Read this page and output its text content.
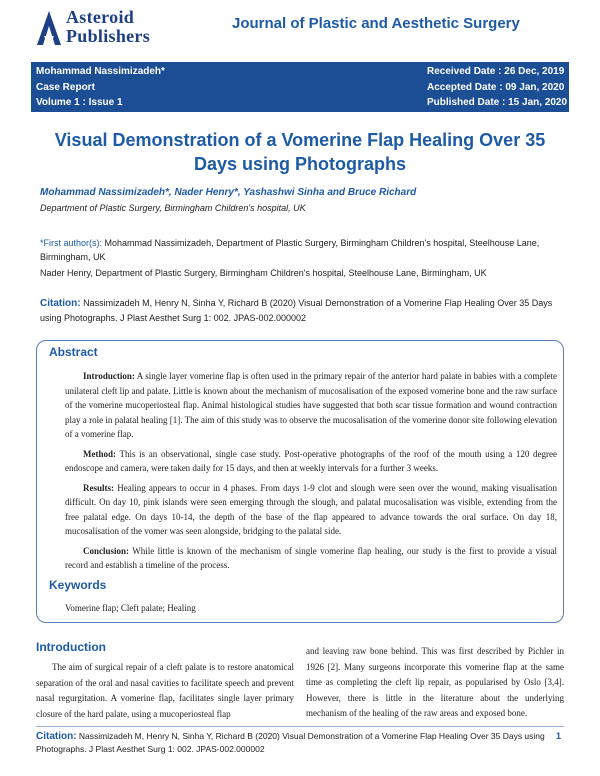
Asteroid
Publishers
Journal of Plastic and Aesthetic Surgery
Mohammad Nassimizadeh*
Case Report
Volume 1 : Issue 1
Received Date : 26 Dec, 2019
Accepted Date : 09 Jan, 2020
Published Date : 15 Jan, 2020
Visual Demonstration of a Vomerine Flap Healing Over 35 Days using Photographs
Mohammad Nassimizadeh*, Nader Henry*, Yashashwi Sinha and Bruce Richard
Department of Plastic Surgery, Birmingham Children's hospital, UK
*First author(s): Mohammad Nassimizadeh, Department of Plastic Surgery, Birmingham Children's hospital, Steelhouse Lane, Birmingham, UK
Nader Henry, Department of Plastic Surgery, Birmingham Children's hospital, Steelhouse Lane, Birmingham, UK
Citation: Nassimizadeh M, Henry N, Sinha Y, Richard B (2020) Visual Demonstration of a Vomerine Flap Healing Over 35 Days using Photographs. J Plast Aesthet Surg 1: 002. JPAS-002.000002
Abstract

Introduction: A single layer vomerine flap is often used in the primary repair of the anterior hard palate in babies with a complete unilateral cleft lip and palate. Little is known about the mechanism of mucosalisation of the exposed vomerine bone and the raw surface of the vomerine mucoperiosteal flap. Animal histological studies have suggested that both scar tissue formation and wound contraction play a role in palatal healing [1]. The aim of this study was to observe the mucosalisation of the vomerine donor site following elevation of a vomerine flap.

Method: This is an observational, single case study. Post-operative photographs of the roof of the mouth using a 120 degree endoscope and camera, were taken daily for 15 days, and then at weekly intervals for a further 3 weeks.

Results: Healing appears to occur in 4 phases. From days 1-9 clot and slough were seen over the wound, making visualisation difficult. On day 10, pink islands were seen emerging through the slough, and palatal mucosalisation was visible, extending from the free palatal edge. On days 10-14, the depth of the base of the flap appeared to advance towards the oral surface. On day 18, mucosalisation of the vomer was seen alongside, bridging to the palatal side.

Conclusion: While little is known of the mechanism of single vomerine flap healing, our study is the first to provide a visual record and establish a timeline of the process.

Keywords
Vomerine flap; Cleft palate; Healing
Introduction
The aim of surgical repair of a cleft palate is to restore anatomical separation of the oral and nasal cavities to facilitate speech and prevent nasal regurgitation. A vomerine flap, facilitates single layer primary closure of the hard palate, using a mucoperiosteal flap
and leaving raw bone behind. This was first described by Pichler in 1926 [2]. Many surgeons incorporate this vomerine flap at the same time as completing the cleft lip repair, as popularised by Oslo [3,4]. However, there is little in the literature about the underlying mechanism of the healing of the raw areas and exposed bone.
Citation: Nassimizadeh M, Henry N, Sinha Y, Richard B (2020) Visual Demonstration of a Vomerine Flap Healing Over 35 Days using Photographs. J Plast Aesthet Surg 1: 002. JPAS-002.000002
1
